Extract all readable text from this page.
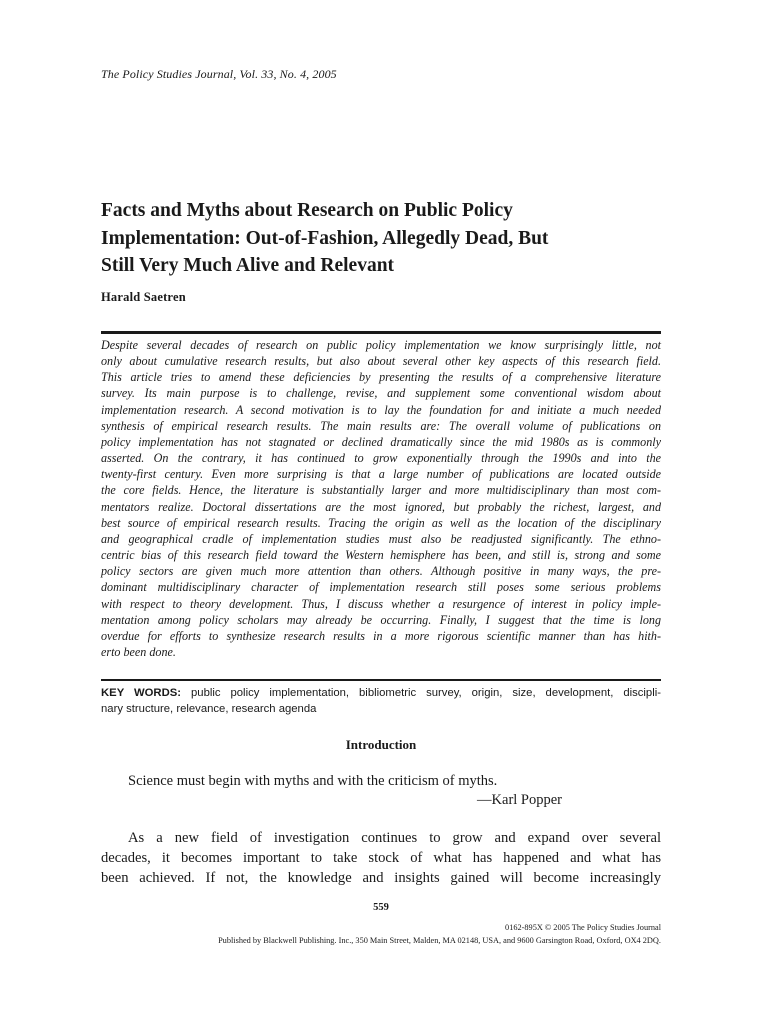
The Policy Studies Journal, Vol. 33, No. 4, 2005
Facts and Myths about Research on Public Policy
Implementation: Out-of-Fashion, Allegedly Dead, But
Still Very Much Alive and Relevant
Harald Saetren

Despite several decades of research on public policy implementation we know surprisingly little, not
only about cumulative research results, but also about several other key aspects of this research field.
This article tries to amend these deficiencies by presenting the results of a comprehensive literature
survey. Its main purpose is to challenge, revise, and supplement some conventional wisdom about
implementation research. A second motivation is to lay the foundation for and initiate a much needed
synthesis of empirical research results. The main results are: The overall volume of publications on
policy implementation has not stagnated or declined dramatically since the mid 1980s as is commonly
asserted. On the contrary, it has continued to grow exponentially through the 1990s and into the
twenty-first century. Even more surprising is that a large number of publications are located outside
the core fields. Hence, the literature is substantially larger and more multidisciplinary than most com-
mentators realize. Doctoral dissertations are the most ignored, but probably the richest, largest, and
best source of empirical research results. Tracing the origin as well as the location of the disciplinary
and geographical cradle of implementation studies must also be readjusted significantly. The ethno-
centric bias of this research field toward the Western hemisphere has been, and still is, strong and some
policy sectors are given much more attention than others. Although positive in many ways, the pre-
dominant multidisciplinary character of implementation research still poses some serious problems
with respect to theory development. Thus, I discuss whether a resurgence of interest in policy imple-
mentation among policy scholars may already be occurring. Finally, I suggest that the time is long
overdue for efforts to synthesize research results in a more rigorous scientific manner than has hith-
erto been done.

KEY WORDS: public policy implementation, bibliometric survey, origin, size, development, discipli-
nary structure, relevance, research agenda
Introduction
Science must begin with myths and with the criticism of myths.
—Karl Popper

As a new field of investigation continues to grow and expand over several
decades, it becomes important to take stock of what has happened and what has
been achieved. If not, the knowledge and insights gained will become increasingly

559
0162-895X © 2005 The Policy Studies Journal
Published by Blackwell Publishing. Inc., 350 Main Street, Malden, MA 02148, USA, and 9600 Garsington Road, Oxford, OX4 2DQ.
